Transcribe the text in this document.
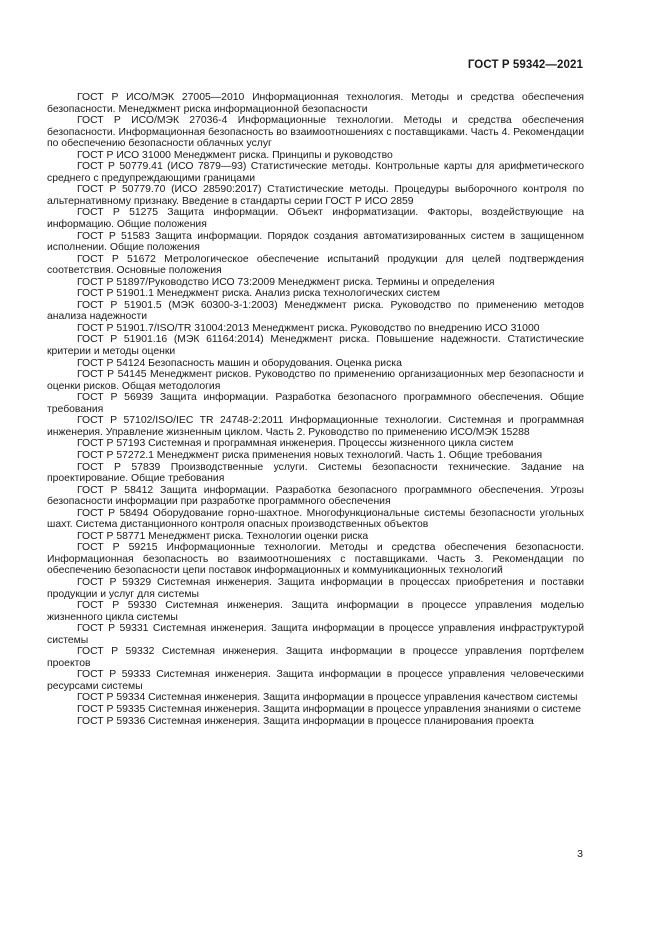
ГОСТ Р 59342—2021

ГОСТ Р ИСО/МЭК 27005—2010 Информационная технология. Методы и средства обеспечения безопасности. Менеджмент риска информационной безопасности

ГОСТ Р ИСО/МЭК 27036-4 Информационные технологии. Методы и средства обеспечения безопасности. Информационная безопасность во взаимоотношениях с поставщиками. Часть 4. Рекомендации по обеспечению безопасности облачных услуг

ГОСТ Р ИСО 31000 Менеджмент риска. Принципы и руководство

ГОСТ Р 50779.41 (ИСО 7879—93) Статистические методы. Контрольные карты для арифметического среднего с предупреждающими границами

ГОСТ Р 50779.70 (ИСО 28590:2017) Статистические методы. Процедуры выборочного контроля по альтернативному признаку. Введение в стандарты серии ГОСТ Р ИСО 2859

ГОСТ Р 51275 Защита информации. Объект информатизации. Факторы, воздействующие на информацию. Общие положения

ГОСТ Р 51583 Защита информации. Порядок создания автоматизированных систем в защищенном исполнении. Общие положения

ГОСТ Р 51672 Метрологическое обеспечение испытаний продукции для целей подтверждения соответствия. Основные положения

ГОСТ Р 51897/Руководство ИСО 73:2009 Менеджмент риска. Термины и определения

ГОСТ Р 51901.1 Менеджмент риска. Анализ риска технологических систем

ГОСТ Р 51901.5 (МЭК 60300-3-1:2003) Менеджмент риска. Руководство по применению методов анализа надежности

ГОСТ Р 51901.7/ISO/TR 31004:2013 Менеджмент риска. Руководство по внедрению ИСО 31000

ГОСТ Р 51901.16 (МЭК 61164:2014) Менеджмент риска. Повышение надежности. Статистические критерии и методы оценки

ГОСТ Р 54124 Безопасность машин и оборудования. Оценка риска

ГОСТ Р 54145 Менеджмент рисков. Руководство по применению организационных мер безопасности и оценки рисков. Общая методология

ГОСТ Р 56939 Защита информации. Разработка безопасного программного обеспечения. Общие требования

ГОСТ Р 57102/ISO/IEC TR 24748-2:2011 Информационные технологии. Системная и программная инженерия. Управление жизненным циклом. Часть 2. Руководство по применению ИСО/МЭК 15288

ГОСТ Р 57193 Системная и программная инженерия. Процессы жизненного цикла систем

ГОСТ Р 57272.1 Менеджмент риска применения новых технологий. Часть 1. Общие требования

ГОСТ Р 57839 Производственные услуги. Системы безопасности технические. Задание на проектирование. Общие требования

ГОСТ Р 58412 Защита информации. Разработка безопасного программного обеспечения. Угрозы безопасности информации при разработке программного обеспечения

ГОСТ Р 58494 Оборудование горно-шахтное. Многофункциональные системы безопасности угольных шахт. Система дистанционного контроля опасных производственных объектов

ГОСТ Р 58771 Менеджмент риска. Технологии оценки риска

ГОСТ Р 59215 Информационные технологии. Методы и средства обеспечения безопасности. Информационная безопасность во взаимоотношениях с поставщиками. Часть 3. Рекомендации по обеспечению безопасности цепи поставок информационных и коммуникационных технологий

ГОСТ Р 59329 Системная инженерия. Защита информации в процессах приобретения и поставки продукции и услуг для системы

ГОСТ Р 59330 Системная инженерия. Защита информации в процессе управления моделью жизненного цикла системы

ГОСТ Р 59331 Системная инженерия. Защита информации в процессе управления инфраструктурой системы

ГОСТ Р 59332 Системная инженерия. Защита информации в процессе управления портфелем проектов

ГОСТ Р 59333 Системная инженерия. Защита информации в процессе управления человеческими ресурсами системы

ГОСТ Р 59334 Системная инженерия. Защита информации в процессе управления качеством системы

ГОСТ Р 59335 Системная инженерия. Защита информации в процессе управления знаниями о системе

ГОСТ Р 59336 Системная инженерия. Защита информации в процессе планирования проекта

3
